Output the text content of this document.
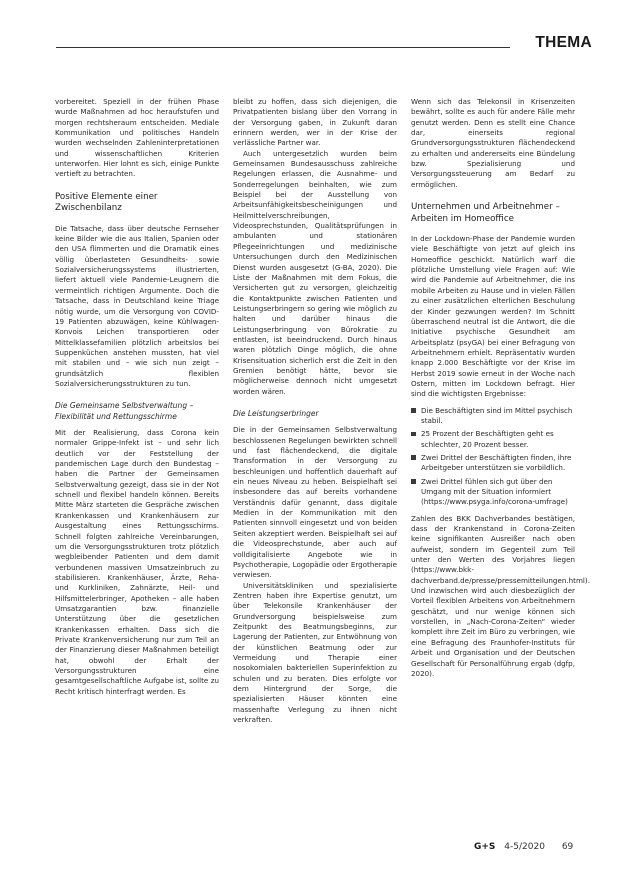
THEMA

vorbereitet. Speziell in der frühen Phase wurde Maßnahmen ad hoc heraufstufen und morgen rechtsheraum entscheiden. Mediale Kommunikation und politisches Handeln wurden wechselnden Zahleninterpretationen und wissenschaftlichen Kriterien unterworfen. Hier lohnt es sich, einige Punkte vertieft zu betrachten.

Positive Elemente einer Zwischenbilanz

Die Tatsache, dass über deutsche Fernseher keine Bilder wie die aus Italien, Spanien oder den USA flimmerten und die Dramatik eines völlig überlasteten Gesundheits- sowie Sozialversicherungssystems illustrierten, liefert aktuell viele Pandemie-Leugnern die vermeintlich richtigen Argumente. Doch die Tatsache, dass in Deutschland keine Triage nötig wurde, um die Versorgung von COVID-19 Patienten abzuwägen, keine Kühlwagen-Konvois Leichen transportieren oder Mittelklassefamilien plötzlich arbeitslos bei Suppenküchen anstehen mussten, hat viel mit stabilen und – wie sich nun zeigt – grundsätzlich flexiblen Sozialversicherungsstrukturen zu tun.

Die Gemeinsame Selbstverwaltung – Flexibilität und Rettungsschirme

Mit der Realisierung, dass Corona kein normaler Grippe-Infekt ist – und sehr lich deutlich vor der Feststellung der pandemischen Lage durch den Bundestag – haben die Partner der Gemeinsamen Selbstverwaltung gezeigt, dass sie in der Not schnell und flexibel handeln können. Bereits Mitte März starteten die Gespräche zwischen Krankenkassen und Krankenhäusern zur Ausgestaltung eines Rettungsschirms. Schnell folgten zahlreiche Vereinbarungen, um die Versorgungsstrukturen trotz plötzlich wegbleibender Patienten und dem damit verbundenen massiven Umsatzeinbruch zu stabilisieren. Krankenhäuser, Ärzte, Reha- und Kurkliniken, Zahnärzte, Heil- und Hilfsmittelerbringer, Apotheken – alle haben Umsatzgarantien bzw. finanzielle Unterstützung über die gesetzlichen Krankenkassen erhalten. Dass sich die Private Krankenversicherung nur zum Teil an der Finanzierung dieser Maßnahmen beteiligt hat, obwohl der Erhalt der Versorgungsstrukturen eine gesamtgesellschaftliche Aufgabe ist, sollte zu Recht kritisch hinterfragt werden. Es

bleibt zu hoffen, dass sich diejenigen, die Privatpatienten bislang über den Vorrang in der Versorgung gaben, in Zukunft daran erinnern werden, wer in der Krise der verlässliche Partner war.

Auch untergesetzlich wurden beim Gemeinsamen Bundesausschuss zahlreiche Regelungen erlassen, die Ausnahme- und Sonderregelungen beinhalten, wie zum Beispiel bei der Ausstellung von Arbeitsunfähigkeitsbescheinigungen und Heilmittelverschreibungen, Videosprechstunden, Qualitätsprüfungen in ambulanten und stationären Pflegeeinrichtungen und medizinische Untersuchungen durch den Medizinischen Dienst wurden ausgesetzt (G-BA, 2020). Die Liste der Maßnahmen mit dem Fokus, die Versicherten gut zu versorgen, gleichzeitig die Kontaktpunkte zwischen Patienten und Leistungserbringern so gering wie möglich zu halten und darüber hinaus die Leistungserbringung von Bürokratie zu entlasten, ist beeindruckend. Durch hinaus waren plötzlich Dinge möglich, die ohne Krisensituation sicherlich erst die Zeit in den Gremien benötigt hätte, bevor sie möglicherweise dennoch nicht umgesetzt worden wären.

Die Leistungserbringer

Die in der Gemeinsamen Selbstverwaltung beschlossenen Regelungen bewirkten schnell und fast flächendeckend, die digitale Transformation in der Versorgung zu beschleunigen und hoffentlich dauerhaft auf ein neues Niveau zu heben. Beispielhaft sei insbesondere das auf bereits vorhandene Verständnis dafür genannt, dass digitale Medien in der Kommunikation mit den Patienten sinnvoll eingesetzt und von beiden Seiten akzeptiert werden. Beispielhaft sei auf die Videosprechstunde, aber auch auf volldigitalisierte Angebote wie in Psychotherapie, Logopädie oder Ergotherapie verwiesen.

Universitätskliniken und spezialisierte Zentren haben ihre Expertise genutzt, um über Telekonsile Krankenhäuser der Grundversorgung beispielsweise zum Zeitpunkt des Beatmungsbeginns, zur Lagerung der Patienten, zur Entwöhnung von der künstlichen Beatmung oder zur Vermeidung und Therapie einer nosokomialen bakteriellen Superinfektion zu schulen und zu beraten. Dies erfolgte vor dem Hintergrund der Sorge, die spezialisierten Häuser könnten eine massenhafte Verlegung zu ihnen nicht verkraften.

Wenn sich das Telekonsil in Krisenzeiten bewährt, sollte es auch für andere Fälle mehr genutzt werden. Denn es stellt eine Chance dar, einerseits regional Grundversorgungsstrukturen flächendeckend zu erhalten und andererseits eine Bündelung bzw. Spezialisierung und Versorgungssteuerung am Bedarf zu ermöglichen.

Unternehmen und Arbeitnehmer – Arbeiten im Homeoffice

In der Lockdown-Phase der Pandemie wurden viele Beschäftigte von jetzt auf gleich ins Homeoffice geschickt. Natürlich warf die plötzliche Umstellung viele Fragen auf: Wie wird die Pandemie auf Arbeitnehmer, die ins mobile Arbeiten zu Hause und in vielen Fällen zu einer zusätzlichen elterlichen Beschulung der Kinder gezwungen werden? Im Schnitt überraschend neutral ist die Antwort, die die Initiative psychische Gesundheit am Arbeitsplatz (psyGA) bei einer Befragung von Arbeitnehmern erhielt. Repräsentativ wurden knapp 2.000 Beschäftigte vor der Krise im Herbst 2019 sowie erneut in der Woche nach Ostern, mitten im Lockdown befragt. Hier sind die wichtigsten Ergebnisse:

Die Beschäftigten sind im Mittel psychisch stabil.
25 Prozent der Beschäftigten geht es schlechter, 20 Prozent besser.
Zwei Drittel der Beschäftigten finden, ihre Arbeitgeber unterstützen sie vorbildlich.
Zwei Drittel fühlen sich gut über den Umgang mit der Situation informiert (https://www.psyga.info/corona-umfrage)

Zahlen des BKK Dachverbandes bestätigen, dass der Krankenstand in Corona-Zeiten keine signifikanten Ausreißer nach oben aufweist, sondern im Gegenteil zum Teil unter den Werten des Vorjahres liegen (https://www.bkk-dachverband.de/presse/pressemitteilungen.html). Und inzwischen wird auch diesbezüglich der Vorteil flexiblen Arbeitens von Arbeitnehmern geschätzt, und nur wenige können sich vorstellen, in „Nach-Corona-Zeiten“ wieder komplett ihre Zeit im Büro zu verbringen, wie eine Befragung des Fraunhofer-Instituts für Arbeit und Organisation und der Deutschen Gesellschaft für Personalführung ergab (dgfp, 2020).

G+S 4-5/2020 69
